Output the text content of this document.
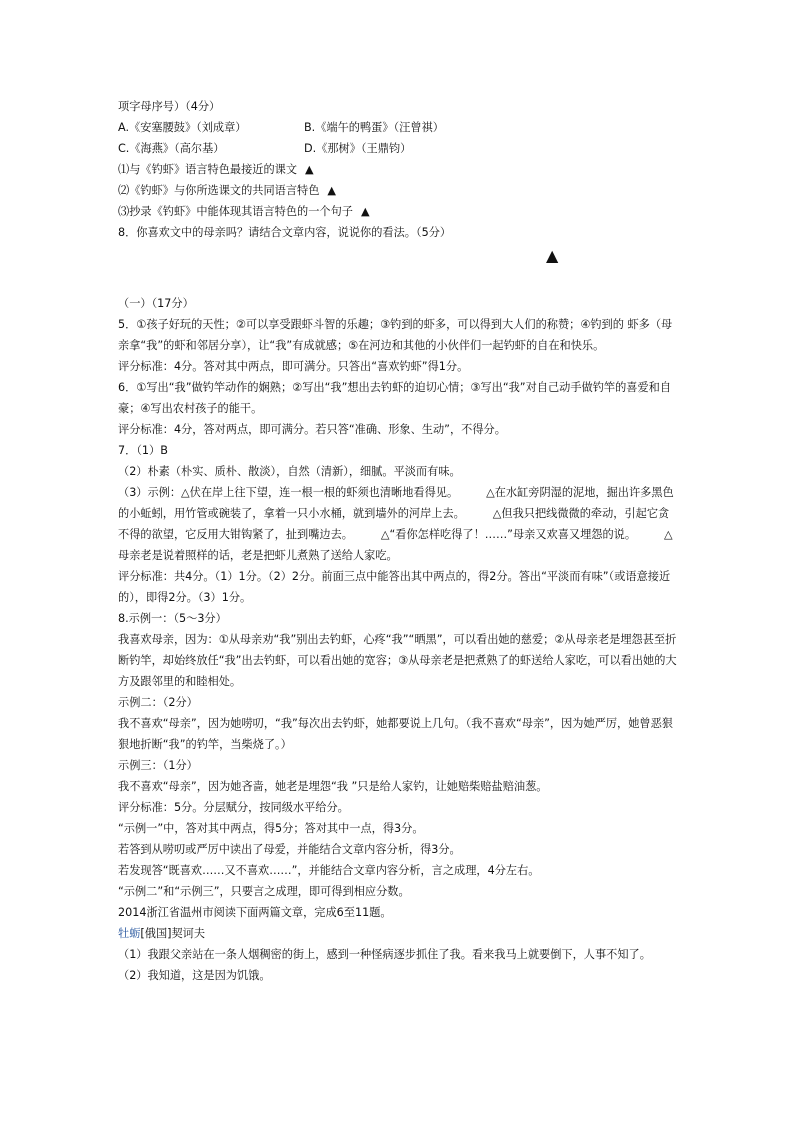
项字母序号）（4分）
A.《安塞腰鼓》（刘成章）	B.《端午的鸭蛋》（汪曾祺）
C.《海燕》（高尔基）	D.《那树》（王鼎钧）
⑴与《钓虾》语言特色最接近的课文 ▲
⑵《钓虾》与你所选课文的共同语言特色 ▲
⑶抄录《钓虾》中能体现其语言特色的一个句子 ▲
8．你喜欢文中的母亲吗？请结合文章内容，说说你的看法。（5分）
（一）（17分）
5．①孩子好玩的天性；②可以享受跟虾斗智的乐趣；③钓到的虾多，可以得到大人们的称赞；④钓到的 虾多（母亲拿“我”的虾和邻居分享），让“我”有成就感；⑤在河边和其他的小伙伴们一起钓虾的自在和快乐。
评分标准：4分。答对其中两点，即可满分。只答出“喜欢钓虾”得1分。
6．①写出“我”做钓竿动作的娴熟；②写出“我”想出去钓虾的迫切心情；③写出“我”对自己动手做钓竿的喜爱和自豪；④写出农村孩子的能干。
评分标准：4分，答对两点，即可满分。若只答“准确、形象、生动”，不得分。
7．（1）B
（2）朴素（朴实、质朴、散淡），自然（清新），细腻。平淡而有味。
（3）示例：△伏在岸上往下望，连一根一根的虾须也清晰地看得见。　　　△在水缸旁阴湿的泥地，掘出许多黑色的小蚯蚓，用竹管或碗装了，拿着一只小水桶，就到墙外的河岸上去。　　　△但我只把线微微的牵动，引起它贪不得的欲望，它反用大钳钩紧了，扯到嘴边去。　　　△“看你怎样吃得了！……”母亲又欢喜又埋怨的说。　　　△母亲老是说着照样的话，老是把虾儿煮熟了送给人家吃。
评分标准：共4分。（1）1分。（2）2分。前面三点中能答出其中两点的，得2分。答出“平淡而有味”（或语意接近的），即得2分。（3）1分。
8.示例一：（5～3分）
我喜欢母亲，因为：①从母亲劝“我”别出去钓虾，心疼“我”“晒黑”，可以看出她的慈爱；②从母亲老是埋怨甚至折断钓竿，却始终放任“我”出去钓虾，可以看出她的宽容；③从母亲老是把煮熟了的虾送给人家吃，可以看出她的大方及跟邻里的和睦相处。
示例二：（2分）
我不喜欢“母亲”，因为她唠叨，“我”每次出去钓虾，她都要说上几句。（我不喜欢“母亲”，因为她严厉，她曾恶狠狠地折断“我”的钓竿，当柴烧了。）
示例三：（1分）
我不喜欢“母亲”，因为她吝啬，她老是埋怨“我 ”只是给人家钓，让她赔柴赔盐赔油葱。
评分标准：5分。分层赋分，按同级水平给分。
“示例一”中，答对其中两点，得5分；答对其中一点，得3分。
若答到从唠叨或严厉中读出了母爱，并能结合文章内容分析，得3分。
若发现答“既喜欢……又不喜欢……”，并能结合文章内容分析，言之成理，4分左右。
“示例二”和“示例三”，只要言之成理，即可得到相应分数。
2014浙江省温州市阅读下面两篇文章，完成6至11题。
牡蛎[俄国]契诃夫
（1）我跟父亲站在一条人烟稠密的街上，感到一种怪病逐步抓住了我。看来我马上就要倒下，人事不知了。
（2）我知道，这是因为饥饿。
▲
